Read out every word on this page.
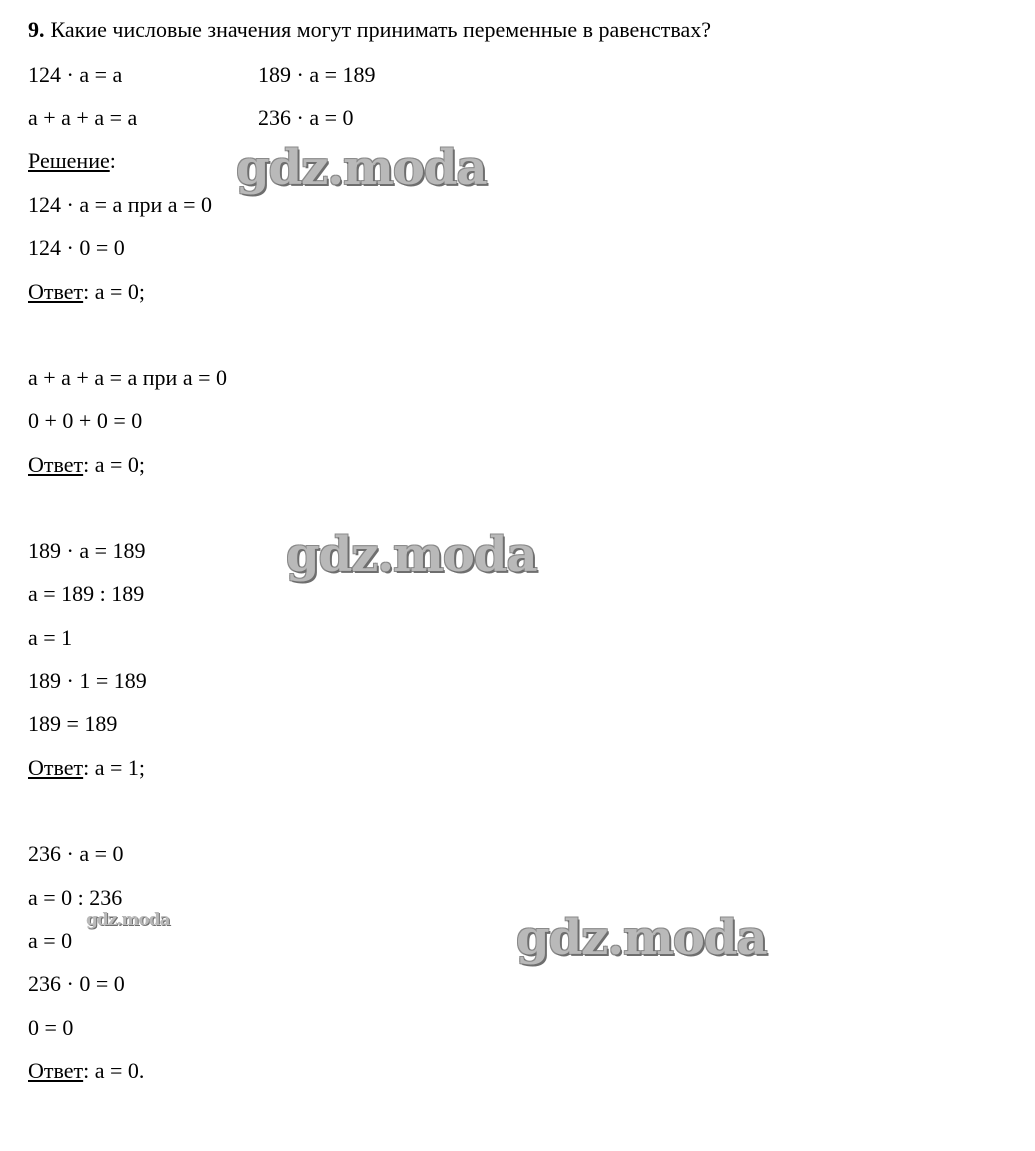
9. Какие числовые значения могут принимать переменные в равенствах?
124 · a = a	189 · a = 189
a + a + a = a	236 · a = 0
Решение:
124 · a = a при a = 0
124 · 0 = 0
Ответ: a = 0;
a + a + a = a при a = 0
0 + 0 + 0 = 0
Ответ: a = 0;
189 · a = 189
a = 189 : 189
a = 1
189 · 1 = 189
189 = 189
Ответ: a = 1;
236 · a = 0
a = 0 : 236
a = 0
236 · 0 = 0
0 = 0
Ответ: a = 0.
gdz.moda
gdz.moda
gdz.moda
gdz.moda
